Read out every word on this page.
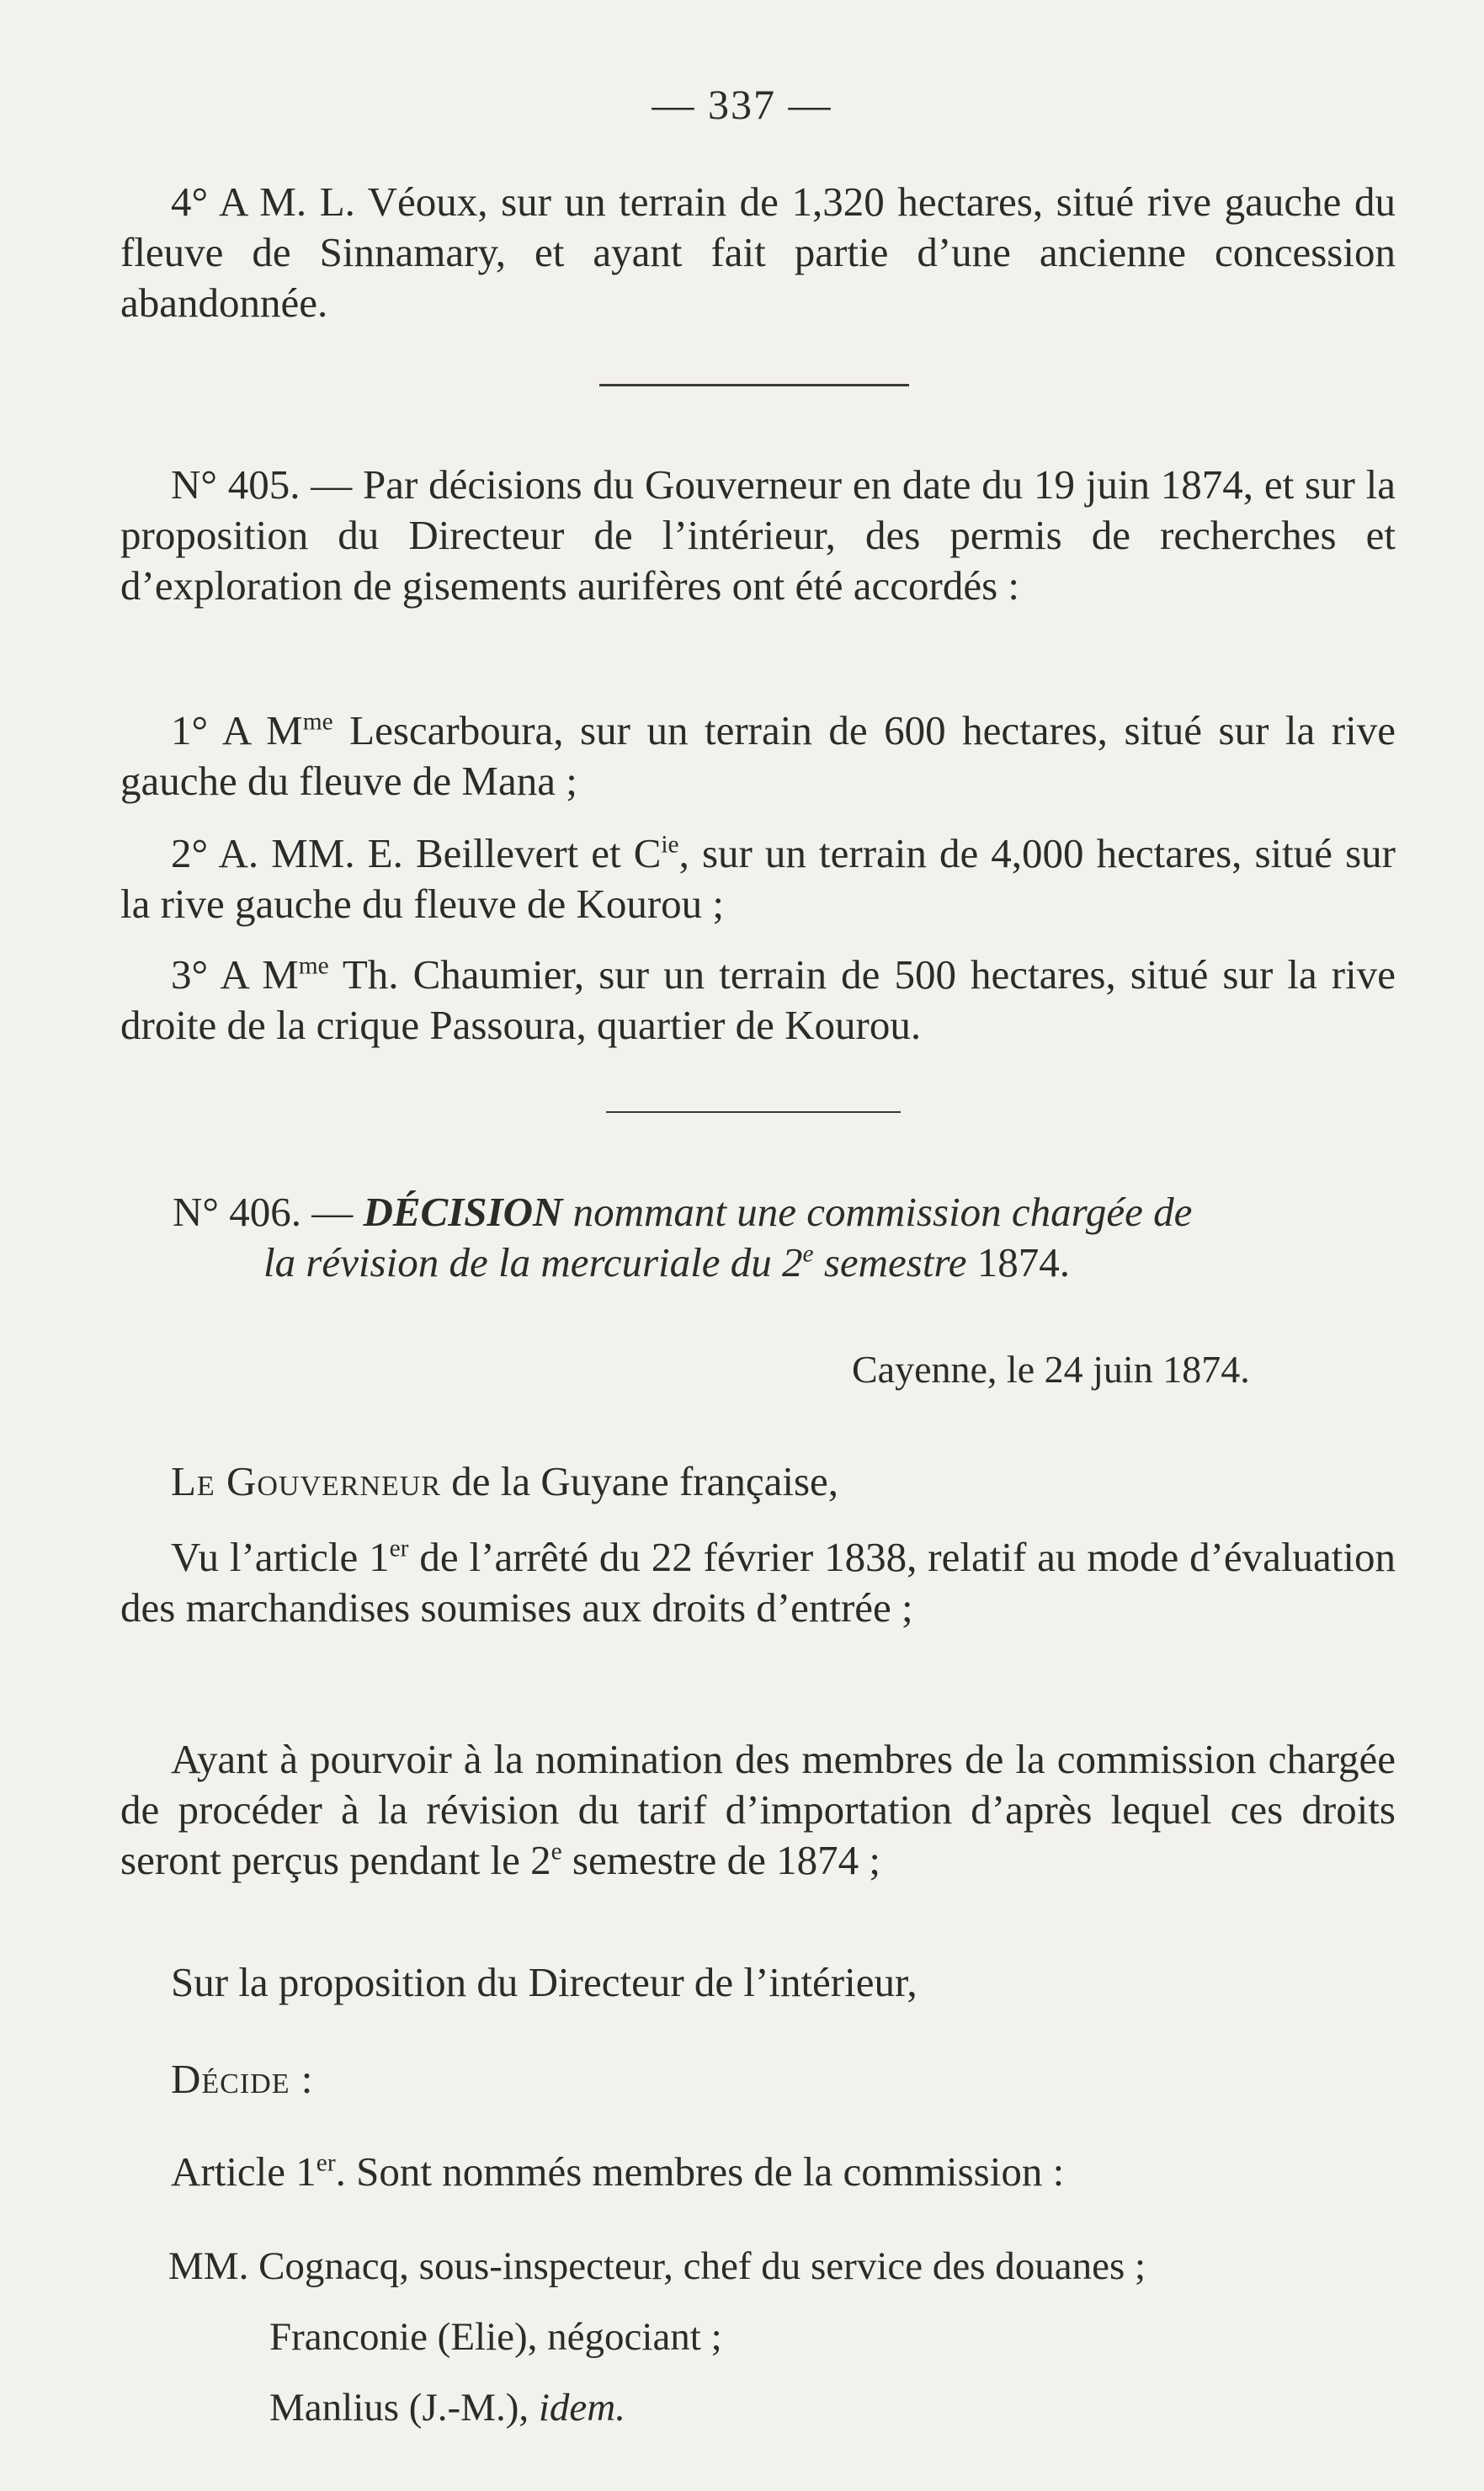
— 337 —

4° A M. L. Véoux, sur un terrain de 1,320 hectares, situé rive gauche du fleuve de Sinnamary, et ayant fait partie d’une ancienne concession abandonnée.

N° 405. — Par décisions du Gouverneur en date du 19 juin 1874, et sur la proposition du Directeur de l’intérieur, des permis de recherches et d’exploration de gisements aurifères ont été accordés :

1° A $M^{me}$ Lescarboura, sur un terrain de 600 hectares, situé sur la rive gauche du fleuve de Mana ;

2° A. MM. E. Beillevert et $C^{ie}$, sur un terrain de 4,000 hectares, situé sur la rive gauche du fleuve de Kourou ;

3° A $M^{me}$ Th. Chaumier, sur un terrain de 500 hectares, situé sur la rive droite de la crique Passoura, quartier de Kourou.

N° 406. — DÉCISION nommant une commission chargée de
la révision de la mercuriale du 2e semestre 1874.

Cayenne, le 24 juin 1874.

Le Gouverneur de la Guyane française,

Vu l’article 1er de l’arrêté du 22 février 1838, relatif au mode d’évaluation des marchandises soumises aux droits d’entrée ;

Ayant à pourvoir à la nomination des membres de la commission chargée de procéder à la révision du tarif d’importation d’après lequel ces droits seront perçus pendant le 2e semestre de 1874 ;

Sur la proposition du Directeur de l’intérieur,

Décide :

Article 1er. Sont nommés membres de la commission :

MM. Cognacq, sous-inspecteur, chef du service des douanes ;
Franconie (Elie), négociant ;
Manlius (J.-M.), idem.
